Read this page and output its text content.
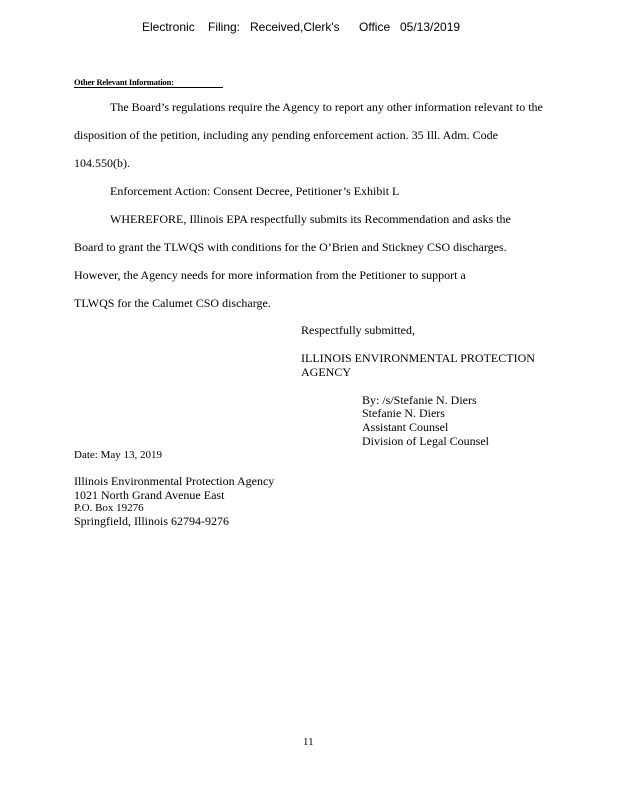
Electronic Filing: Received,Clerk's Office 05/13/2019
Other Relevant Information:
The Board’s regulations require the Agency to report any other information relevant to the
disposition of the petition, including any pending enforcement action. 35 Ill. Adm. Code
104.550(b).
Enforcement Action: Consent Decree, Petitioner’s Exhibit L
WHEREFORE, Illinois EPA respectfully submits its Recommendation and asks the
Board to grant the TLWQS with conditions for the O’Brien and Stickney CSO discharges.
However, the Agency needs for more information from the Petitioner to support a
TLWQS for the Calumet CSO discharge.
Respectfully submitted,
ILLINOIS ENVIRONMENTAL PROTECTION
AGENCY
By: /s/Stefanie N. Diers
Stefanie N. Diers
Assistant Counsel
Division of Legal Counsel
Date: May 13, 2019
Illinois Environmental Protection Agency
1021 North Grand Avenue East
P.O. Box 19276
Springfield, Illinois 62794-9276
11
